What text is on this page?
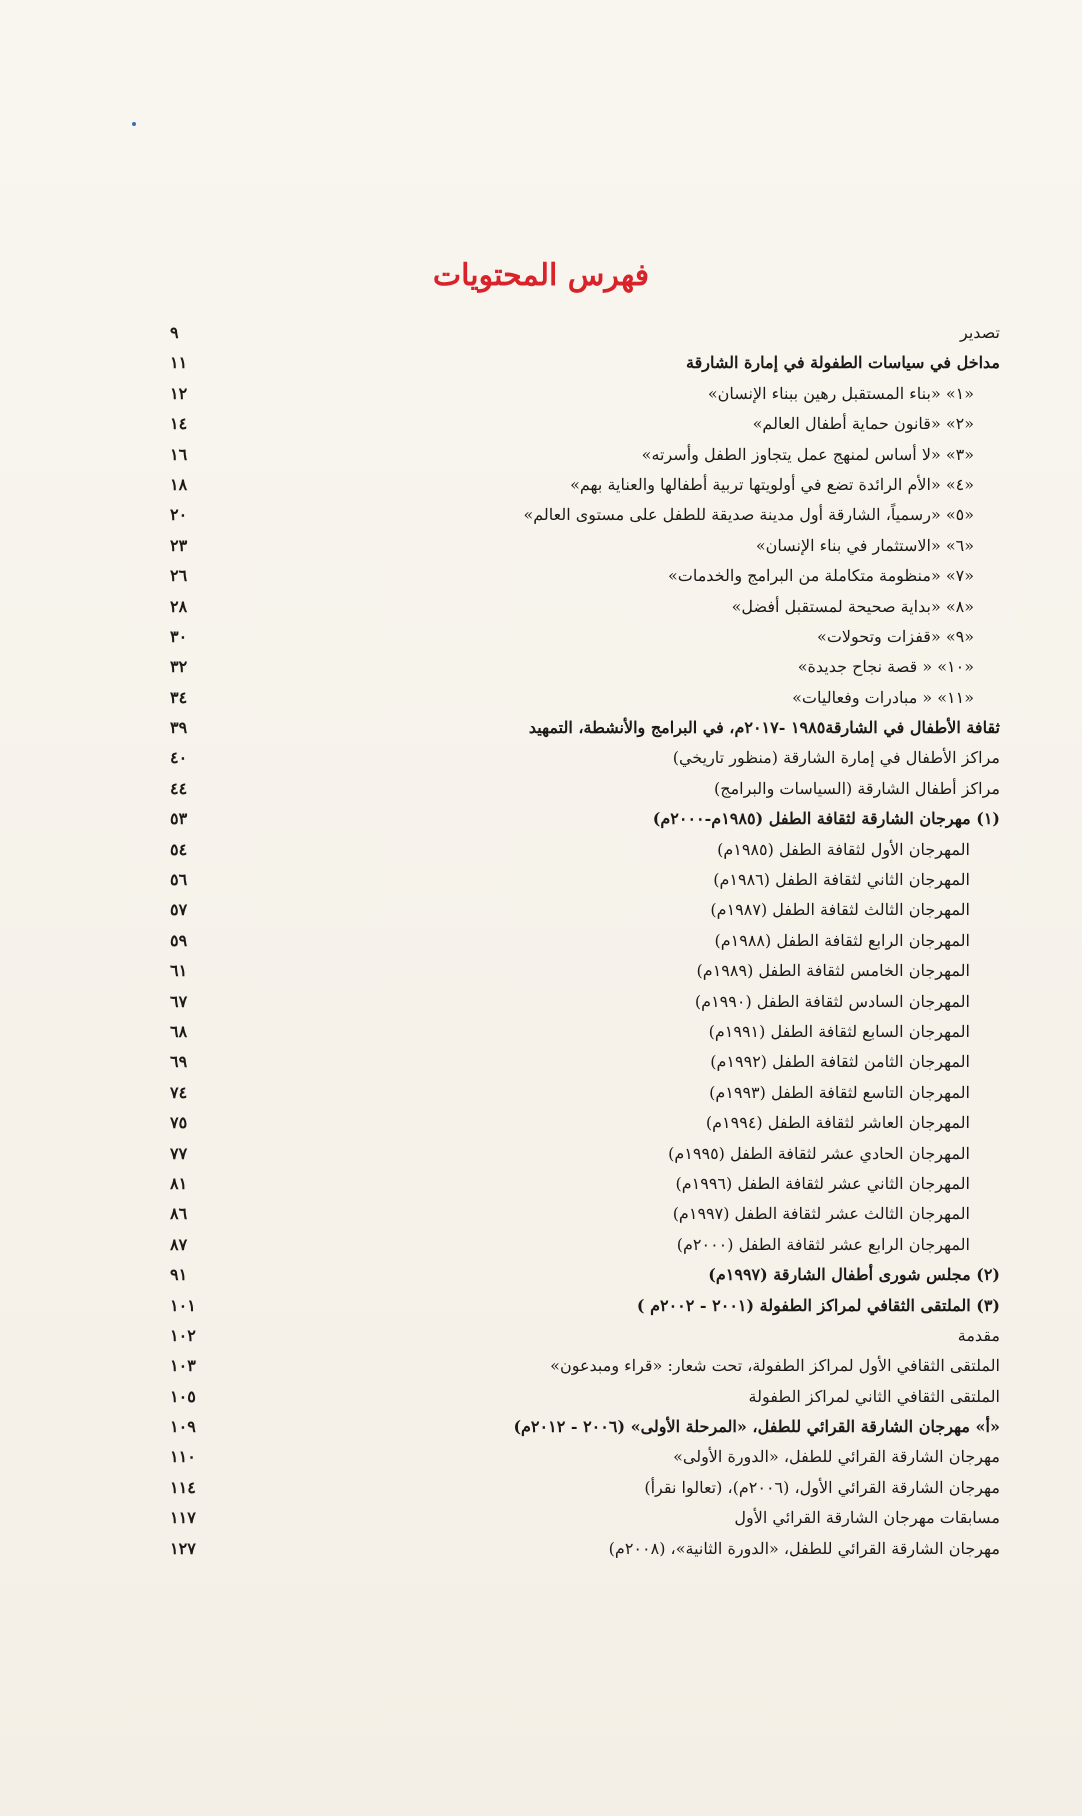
فهرس المحتويات
تصدير
٩
مداخل في سياسات الطفولة في إمارة الشارقة
١١
«١» «بناء المستقبل رهين ببناء الإنسان»
١٢
«٢» «قانون حماية أطفال العالم»
١٤
«٣» «لا أساس لمنهج عمل يتجاوز الطفل وأسرته»
١٦
«٤» «الأم الرائدة تضع في أولويتها تربية أطفالها والعناية بهم»
١٨
«٥» «رسمياً، الشارقة أول مدينة صديقة للطفل على مستوى العالم»
٢٠
«٦» «الاستثمار في بناء الإنسان»
٢٣
«٧» «منظومة متكاملة من البرامج والخدمات»
٢٦
«٨» «بداية صحيحة لمستقبل أفضل»
٢٨
«٩» «قفزات وتحولات»
٣٠
«١٠» « قصة نجاح جديدة»
٣٢
«١١» « مبادرات وفعاليات»
٣٤
ثقافة الأطفال في الشارقة١٩٨٥ -٢٠١٧م، في البرامج والأنشطة، التمهيد
٣٩
مراكز الأطفال في إمارة الشارقة (منظور تاريخي)
٤٠
مراكز أطفال الشارقة (السياسات والبرامج)
٤٤
(١) مهرجان الشارقة لثقافة الطفل (١٩٨٥م-٢٠٠٠م)
٥٣
المهرجان الأول لثقافة الطفل (١٩٨٥م)
٥٤
المهرجان الثاني لثقافة الطفل (١٩٨٦م)
٥٦
المهرجان الثالث لثقافة الطفل (١٩٨٧م)
٥٧
المهرجان الرابع لثقافة الطفل (١٩٨٨م)
٥٩
المهرجان الخامس لثقافة الطفل (١٩٨٩م)
٦١
المهرجان السادس لثقافة الطفل (١٩٩٠م)
٦٧
المهرجان السابع لثقافة الطفل (١٩٩١م)
٦٨
المهرجان الثامن لثقافة الطفل (١٩٩٢م)
٦٩
المهرجان التاسع لثقافة الطفل (١٩٩٣م)
٧٤
المهرجان العاشر لثقافة الطفل (١٩٩٤م)
٧٥
المهرجان الحادي عشر لثقافة الطفل (١٩٩٥م)
٧٧
المهرجان الثاني عشر لثقافة الطفل (١٩٩٦م)
٨١
المهرجان الثالث عشر لثقافة الطفل (١٩٩٧م)
٨٦
المهرجان الرابع عشر لثقافة الطفل (٢٠٠٠م)
٨٧
(٢) مجلس شورى أطفال الشارقة (١٩٩٧م)
٩١
(٣) الملتقى الثقافي لمراكز الطفولة (٢٠٠١ - ٢٠٠٢م )
١٠١
مقدمة
١٠٢
الملتقى الثقافي الأول لمراكز الطفولة، تحت شعار: «قراء ومبدعون»
١٠٣
الملتقى الثقافي الثاني لمراكز الطفولة
١٠٥
«أ» مهرجان الشارقة القرائي للطفل، «المرحلة الأولى» (٢٠٠٦ - ٢٠١٢م)
١٠٩
مهرجان الشارقة القرائي للطفل، «الدورة الأولى»
١١٠
مهرجان الشارقة القرائي الأول، (٢٠٠٦م)، (تعالوا نقرأ)
١١٤
مسابقات مهرجان الشارقة القرائي الأول
١١٧
مهرجان الشارقة القرائي للطفل، «الدورة الثانية»، (٢٠٠٨م)
١٢٧
